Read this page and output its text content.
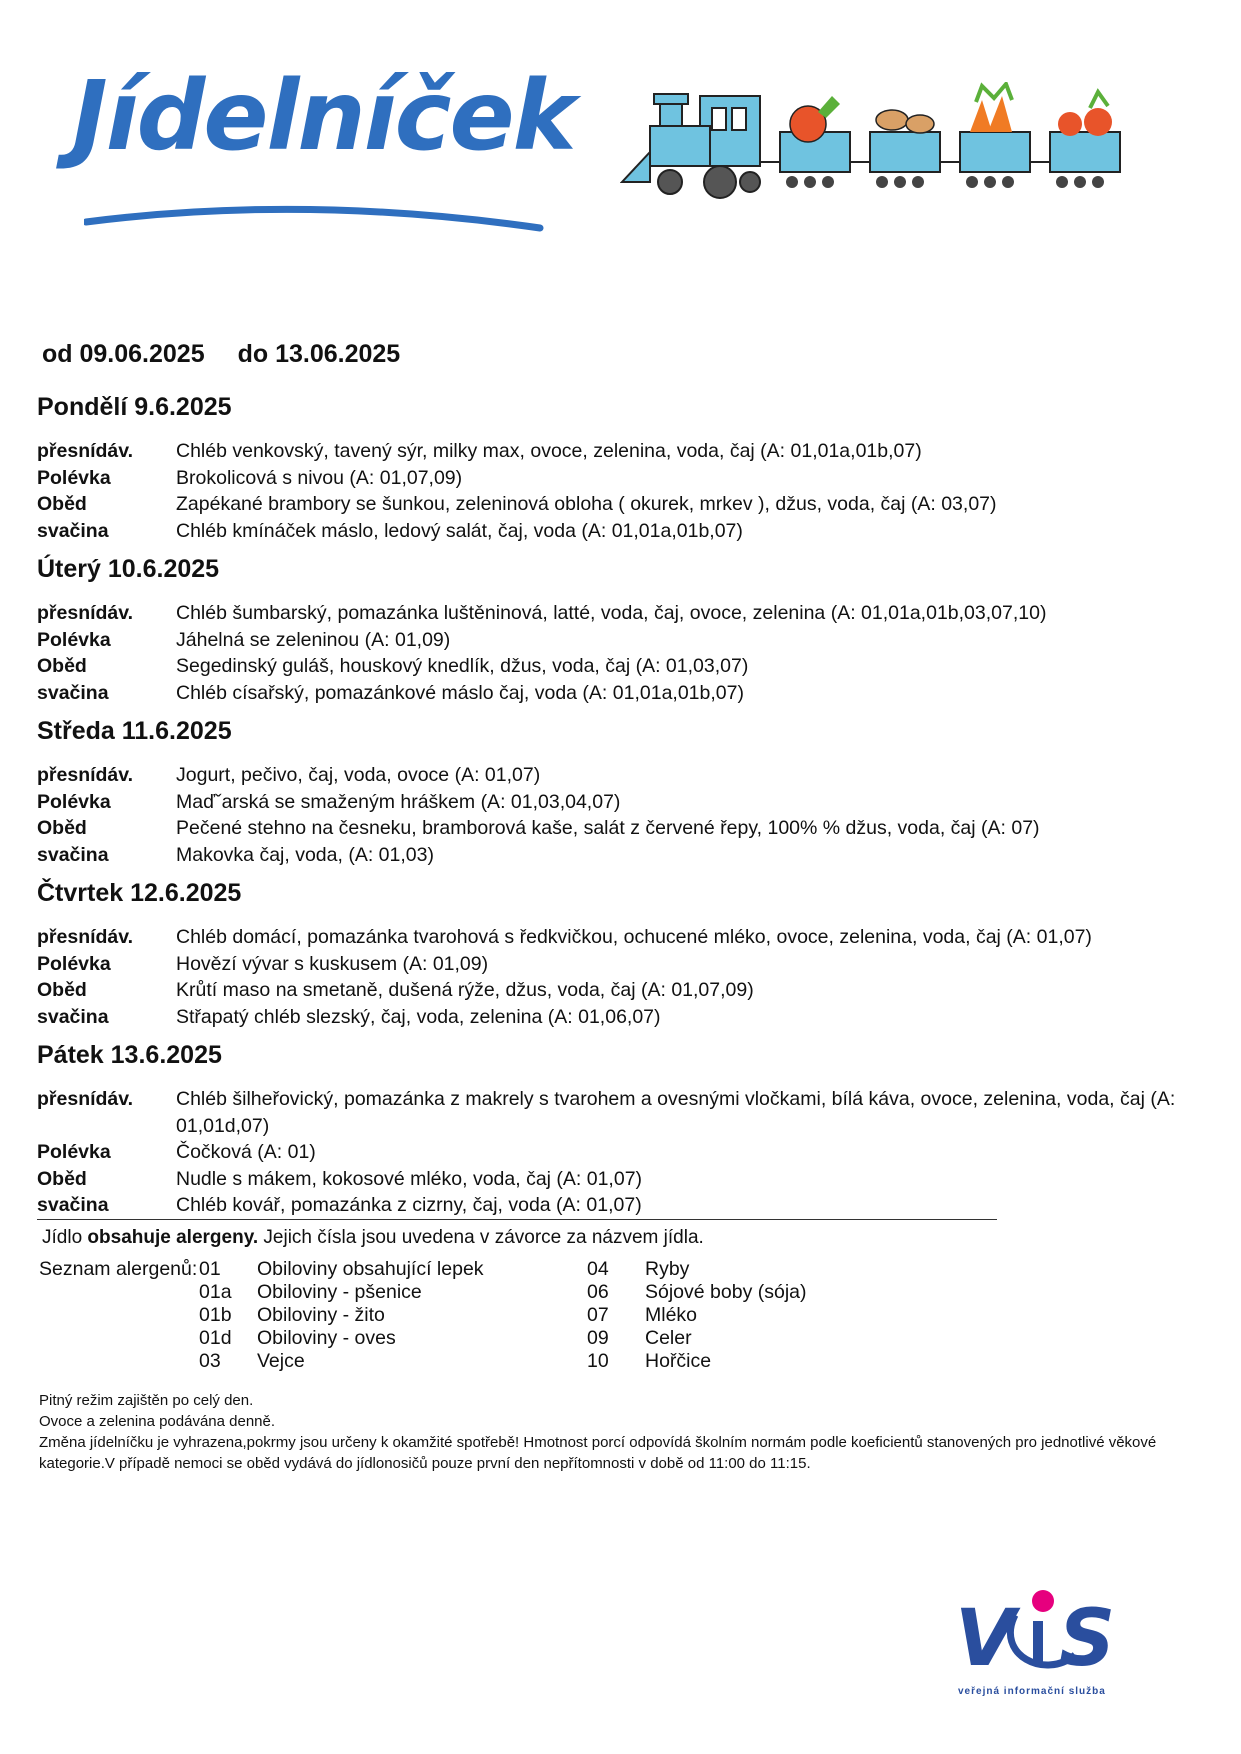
Jídelníček
od 09.06.2025 do 13.06.2025
Pondělí 9.6.2025
přesnídáv.	Chléb venkovský, tavený sýr, milky max, ovoce, zelenina, voda, čaj (A: 01,01a,01b,07)
Polévka	Brokolicová s nivou (A: 01,07,09)
Oběd	Zapékané brambory se šunkou, zeleninová obloha ( okurek, mrkev ), džus, voda, čaj (A: 03,07)
svačina	Chléb kmínáček máslo, ledový salát, čaj, voda (A: 01,01a,01b,07)
Úterý 10.6.2025
přesnídáv.	Chléb šumbarský, pomazánka luštěninová, latté, voda, čaj, ovoce, zelenina (A: 01,01a,01b,03,07,10)
Polévka	Jáhelná se zeleninou (A: 01,09)
Oběd	Segedinský guláš, houskový knedlík, džus, voda, čaj (A: 01,03,07)
svačina	Chléb císařský, pomazánkové máslo čaj, voda (A: 01,01a,01b,07)
Středa 11.6.2025
přesnídáv.	Jogurt, pečivo, čaj, voda, ovoce (A: 01,07)
Polévka	Maďˇarská se smaženým hráškem (A: 01,03,04,07)
Oběd	Pečené stehno na česneku, bramborová kaše, salát z červené řepy, 100% % džus, voda, čaj (A: 07)
svačina	Makovka čaj, voda, (A: 01,03)
Čtvrtek 12.6.2025
přesnídáv.	Chléb domácí, pomazánka tvarohová s ředkvičkou, ochucené mléko, ovoce, zelenina, voda, čaj (A: 01,07)
Polévka	Hovězí vývar s kuskusem (A: 01,09)
Oběd	Krůtí maso na smetaně, dušená rýže, džus, voda, čaj (A: 01,07,09)
svačina	Střapatý chléb slezský, čaj, voda, zelenina (A: 01,06,07)
Pátek 13.6.2025
přesnídáv.	Chléb šilheřovický, pomazánka z makrely s tvarohem a ovesnými vločkami, bílá káva, ovoce, zelenina, voda, čaj (A: 01,01d,07)
Polévka	Čočková (A: 01)
Oběd	Nudle s mákem, kokosové mléko, voda, čaj (A: 01,07)
svačina	Chléb kovář, pomazánka z cizrny, čaj, voda (A: 01,07)
Jídlo obsahuje alergeny. Jejich čísla jsou uvedena v závorce za názvem jídla.
Seznam alergenů: 01 Obiloviny obsahující lepek
01a Obiloviny - pšenice
01b Obiloviny - žito
01d Obiloviny - oves
03 Vejce
04 Ryby
06 Sójové boby (sója)
07 Mléko
09 Celer
10 Hořčice
Pitný režim zajištěn po celý den.
Ovoce a zelenina podávána denně.
Změna jídelníčku je vyhrazena,pokrmy jsou určeny k okamžité spotřebě! Hmotnost porcí odpovídá školním normám podle koeficientů stanovených pro jednotlivé věkové kategorie.V případě nemoci se oběd vydává do jídlonosičů pouze první den nepřítomnosti v době od 11:00 do 11:15.
V S
veřejná informační služba
